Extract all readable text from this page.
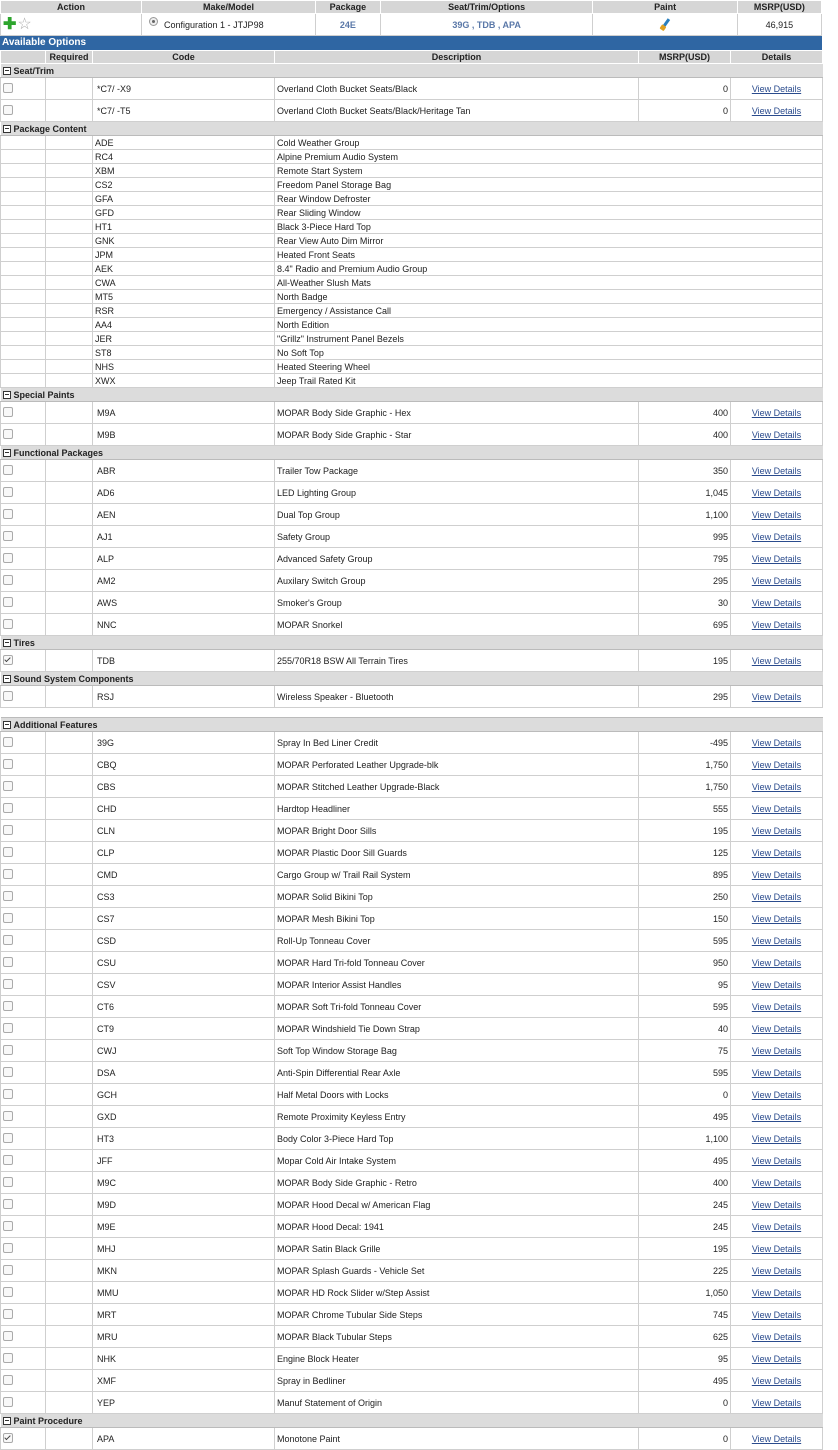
Action	Make/Model	Package	Seat/Trim/Options	Paint	MSRP(USD)
✚☆	Configuration 1 - JTJP98	24E	39G , TDB , APA		46,915
Available Options
	Required	Code	Description	MSRP(USD)	Details
Seat/Trim					
		*C7/ -X9	Overland Cloth Bucket Seats/Black	0	View Details
		*C7/ -T5	Overland Cloth Bucket Seats/Black/Heritage Tan	0	View Details
Package Content					
		ADE	Cold Weather Group		
		RC4	Alpine Premium Audio System		
		XBM	Remote Start System		
		CS2	Freedom Panel Storage Bag		
		GFA	Rear Window Defroster		
		GFD	Rear Sliding Window		
		HT1	Black 3-Piece Hard Top		
		GNK	Rear View Auto Dim Mirror		
		JPM	Heated Front Seats		
		AEK	8.4" Radio and Premium Audio Group		
		CWA	All-Weather Slush Mats		
		MT5	North Badge		
		RSR	Emergency / Assistance Call		
		AA4	North Edition		
		JER	"Grillz" Instrument Panel Bezels		
		ST8	No Soft Top		
		NHS	Heated Steering Wheel		
		XWX	Jeep Trail Rated Kit		
Special Paints					
		M9A	MOPAR Body Side Graphic - Hex	400	View Details
		M9B	MOPAR Body Side Graphic - Star	400	View Details
Functional Packages					
		ABR	Trailer Tow Package	350	View Details
		AD6	LED Lighting Group	1,045	View Details
		AEN	Dual Top Group	1,100	View Details
		AJ1	Safety Group	995	View Details
		ALP	Advanced Safety Group	795	View Details
		AM2	Auxilary Switch Group	295	View Details
		AWS	Smoker's Group	30	View Details
		NNC	MOPAR Snorkel	695	View Details
Tires					
		TDB	255/70R18 BSW All Terrain Tires	195	View Details
Sound System Components					
		RSJ	Wireless Speaker - Bluetooth	295	View Details

Additional Features					
		39G	Spray In Bed Liner Credit	-495	View Details
		CBQ	MOPAR Perforated Leather Upgrade-blk	1,750	View Details
		CBS	MOPAR Stitched Leather Upgrade-Black	1,750	View Details
		CHD	Hardtop Headliner	555	View Details
		CLN	MOPAR Bright Door Sills	195	View Details
		CLP	MOPAR Plastic Door Sill Guards	125	View Details
		CMD	Cargo Group w/ Trail Rail System	895	View Details
		CS3	MOPAR Solid Bikini Top	250	View Details
		CS7	MOPAR Mesh Bikini Top	150	View Details
		CSD	Roll-Up Tonneau Cover	595	View Details
		CSU	MOPAR Hard Tri-fold Tonneau Cover	950	View Details
		CSV	MOPAR Interior Assist Handles	95	View Details
		CT6	MOPAR Soft Tri-fold Tonneau Cover	595	View Details
		CT9	MOPAR Windshield Tie Down Strap	40	View Details
		CWJ	Soft Top Window Storage Bag	75	View Details
		DSA	Anti-Spin Differential Rear Axle	595	View Details
		GCH	Half Metal Doors with Locks	0	View Details
		GXD	Remote Proximity Keyless Entry	495	View Details
		HT3	Body Color 3-Piece Hard Top	1,100	View Details
		JFF	Mopar Cold Air Intake System	495	View Details
		M9C	MOPAR Body Side Graphic - Retro	400	View Details
		M9D	MOPAR Hood Decal w/ American Flag	245	View Details
		M9E	MOPAR Hood Decal: 1941	245	View Details
		MHJ	MOPAR Satin Black Grille	195	View Details
		MKN	MOPAR Splash Guards - Vehicle Set	225	View Details
		MMU	MOPAR HD Rock Slider w/Step Assist	1,050	View Details
		MRT	MOPAR Chrome Tubular Side Steps	745	View Details
		MRU	MOPAR Black Tubular Steps	625	View Details
		NHK	Engine Block Heater	95	View Details
		XMF	Spray in Bedliner	495	View Details
		YEP	Manuf Statement of Origin	0	View Details
Paint Procedure					
		APA	Monotone Paint	0	View Details
